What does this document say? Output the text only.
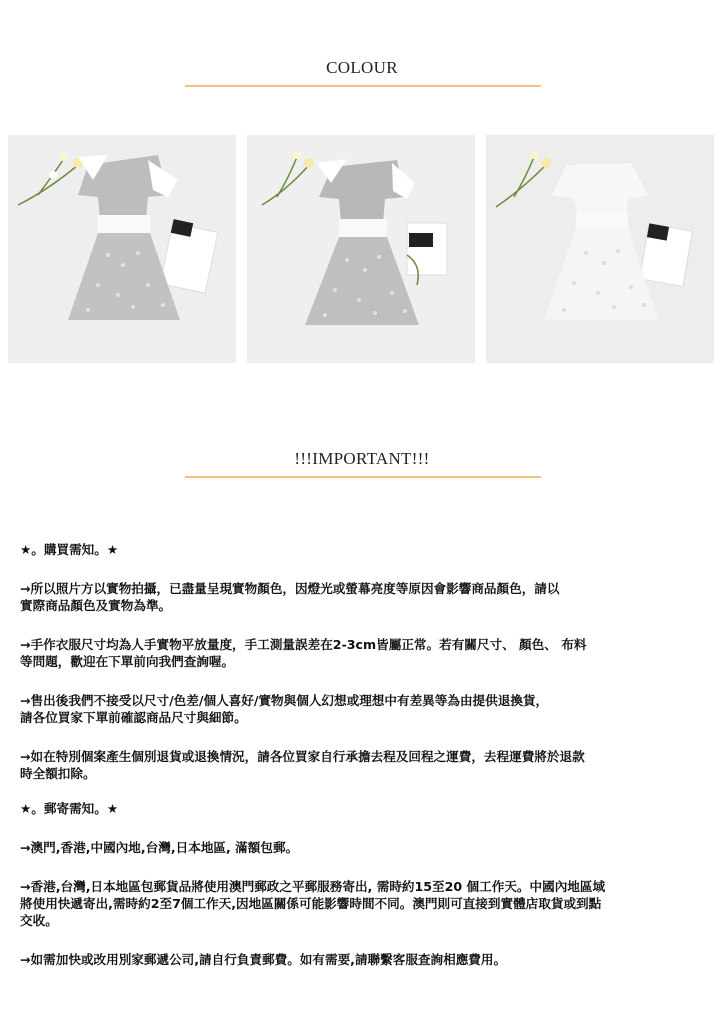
COLOUR
!!!IMPORTANT!!!

★。購買需知。★

→所以照片方以實物拍攝，已盡量呈現實物顏色，因燈光或螢幕亮度等原因會影響商品顏色，請以
實際商品顏色及實物為準。

→手作衣服尺寸均為人手實物平放量度，手工測量誤差在2-3cm皆屬正常。若有關尺寸、 顏色、 布料
等問題，歡迎在下單前向我們查詢喔。

→售出後我們不接受以尺寸/色差/個人喜好/實物與個人幻想或理想中有差異等為由提供退換貨，
請各位買家下單前確認商品尺寸與細節。

→如在特別個案產生個別退貨或退換情況，請各位買家自行承擔去程及回程之運費，去程運費將於退款
時全額扣除。

★。郵寄需知。★

→澳門,香港,中國內地,台灣,日本地區, 滿額包郵。

→香港,台灣,日本地區包郵貨品將使用澳門郵政之平郵服務寄出, 需時約15至20 個工作天。中國內地區域
將使用快遞寄出,需時約2至7個工作天,因地區關係可能影響時間不同。澳門則可直接到實體店取貨或到點
交收。

→如需加快或改用別家郵遞公司,請自行負責郵費。如有需要,請聯繫客服查詢相應費用。
